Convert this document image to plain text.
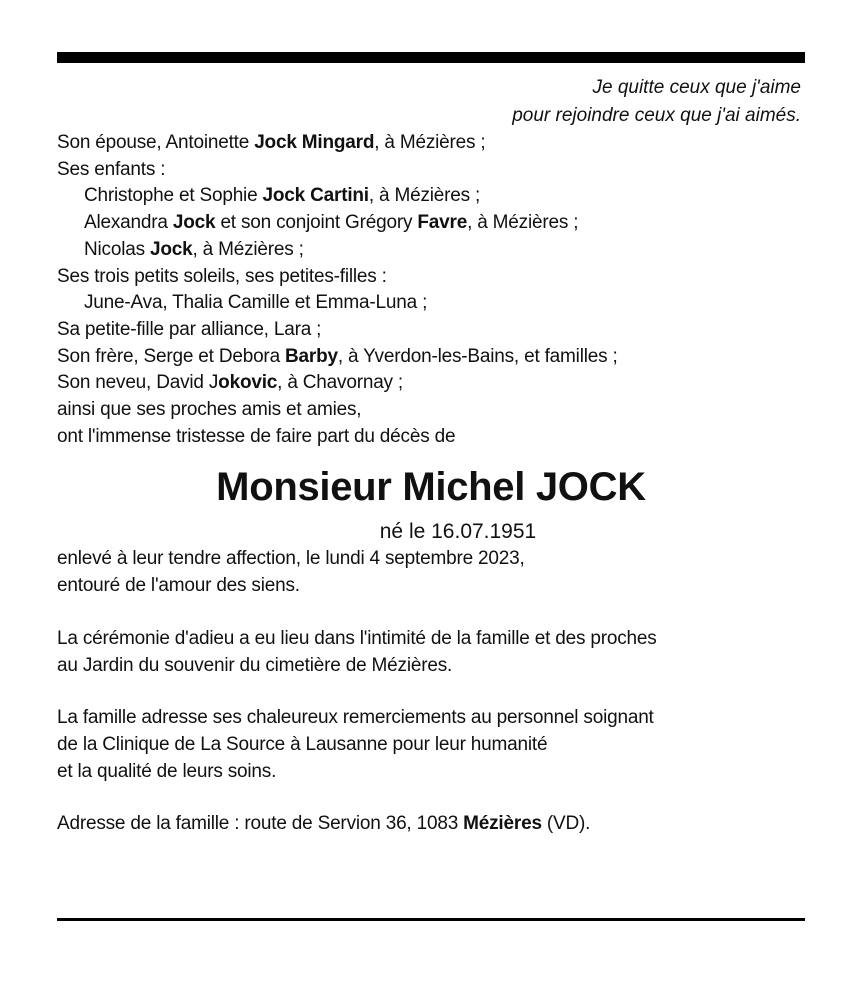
Je quitte ceux que j'aime
pour rejoindre ceux que j'ai aimés.
Son épouse, Antoinette Jock Mingard, à Mézières ;
Ses enfants :
Christophe et Sophie Jock Cartini, à Mézières ;
Alexandra Jock et son conjoint Grégory Favre, à Mézières ;
Nicolas Jock, à Mézières ;
Ses trois petits soleils, ses petites-filles :
June-Ava, Thalia Camille et Emma-Luna ;
Sa petite-fille par alliance, Lara ;
Son frère, Serge et Debora Barby, à Yverdon-les-Bains, et familles ;
Son neveu, David Jokovic, à Chavornay ;
ainsi que ses proches amis et amies,
ont l'immense tristesse de faire part du décès de
Monsieur Michel JOCK
né le 16.07.1951
enlevé à leur tendre affection, le lundi 4 septembre 2023,
entouré de l'amour des siens.
La cérémonie d'adieu a eu lieu dans l'intimité de la famille et des proches
au Jardin du souvenir du cimetière de Mézières.
La famille adresse ses chaleureux remerciements au personnel soignant
de la Clinique de La Source à Lausanne pour leur humanité
et la qualité de leurs soins.
Adresse de la famille : route de Servion 36, 1083 Mézières (VD).
